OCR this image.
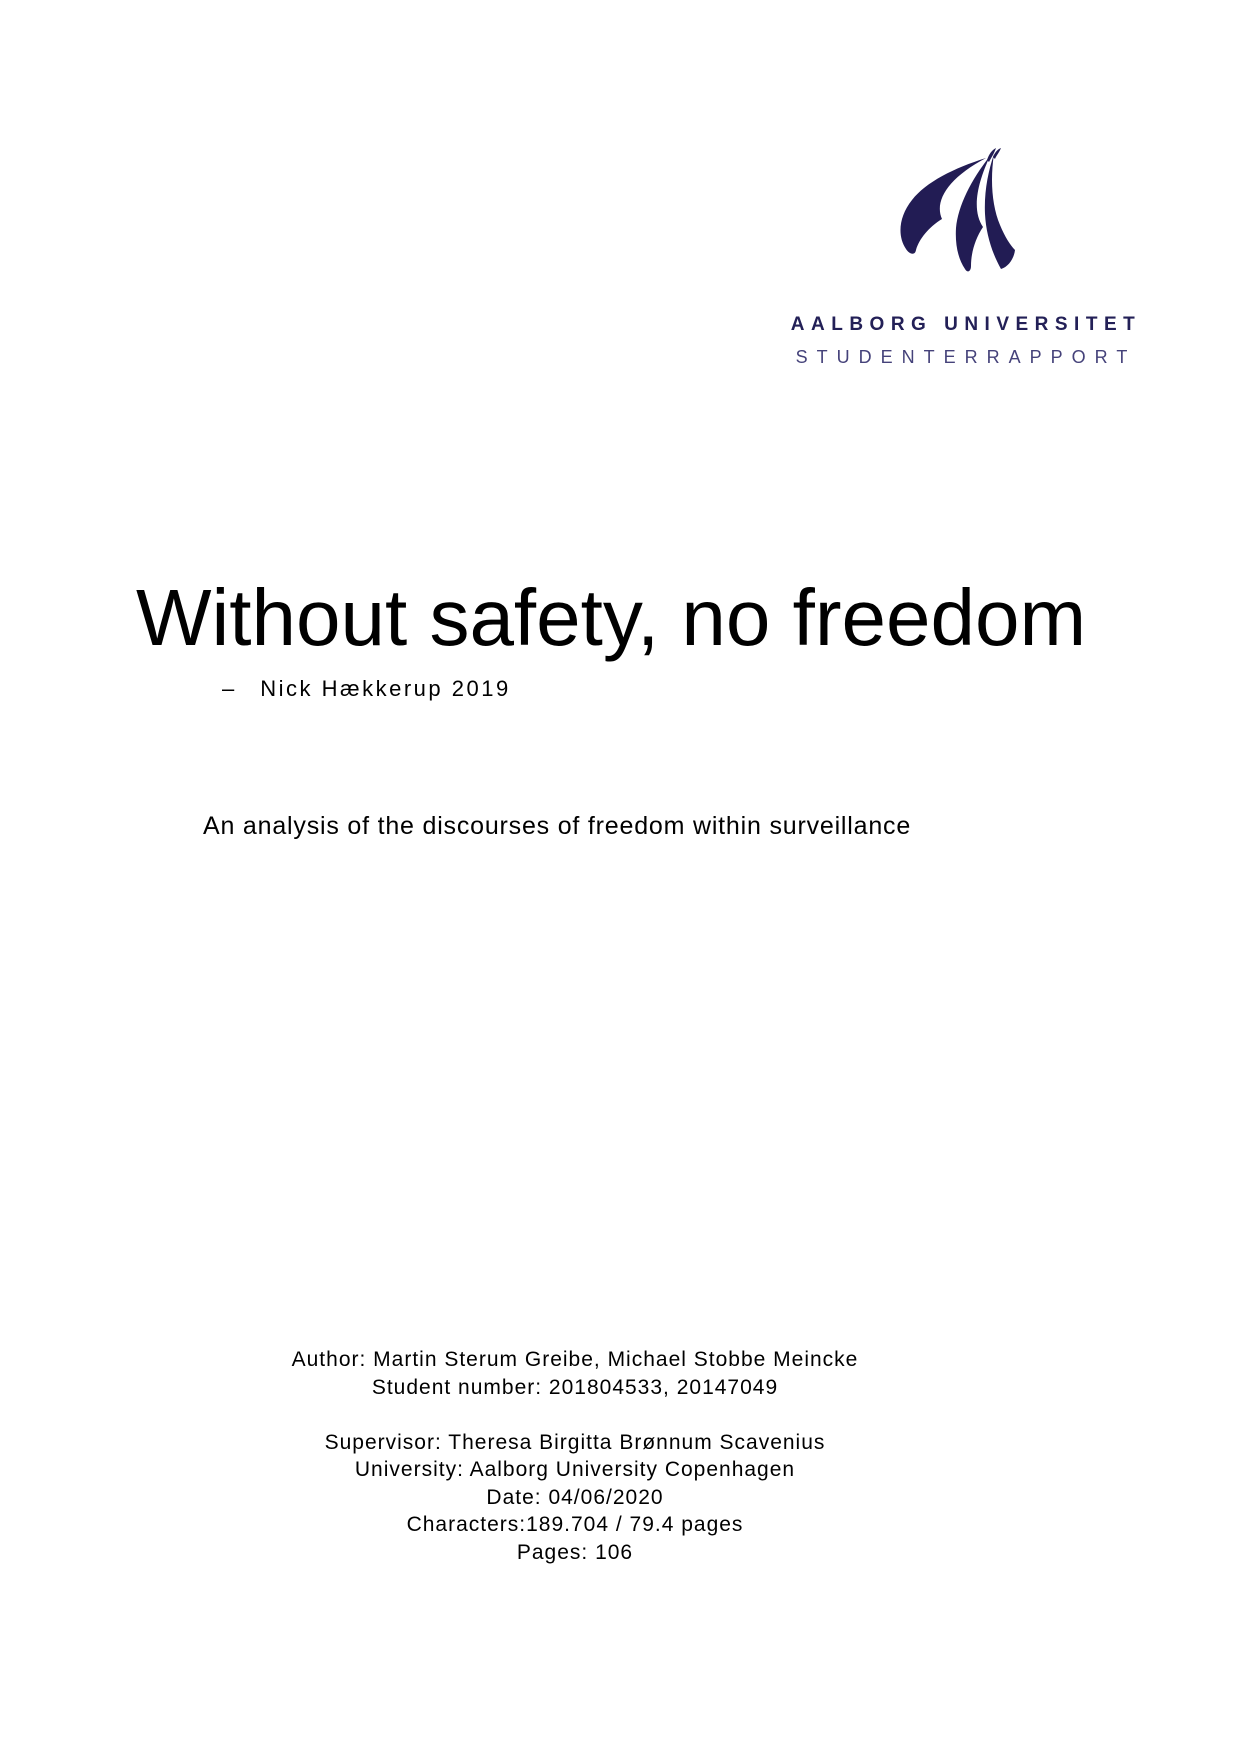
AALBORG UNIVERSITET
STUDENTERRAPPORT
Without safety, no freedom
– Nick Hækkerup 2019
An analysis of the discourses of freedom within surveillance
Author: Martin Sterum Greibe, Michael Stobbe Meincke
Student number: 201804533, 20147049
Supervisor: Theresa Birgitta Brønnum Scavenius
University: Aalborg University Copenhagen
Date: 04/06/2020
Characters:189.704 / 79.4 pages
Pages: 106
